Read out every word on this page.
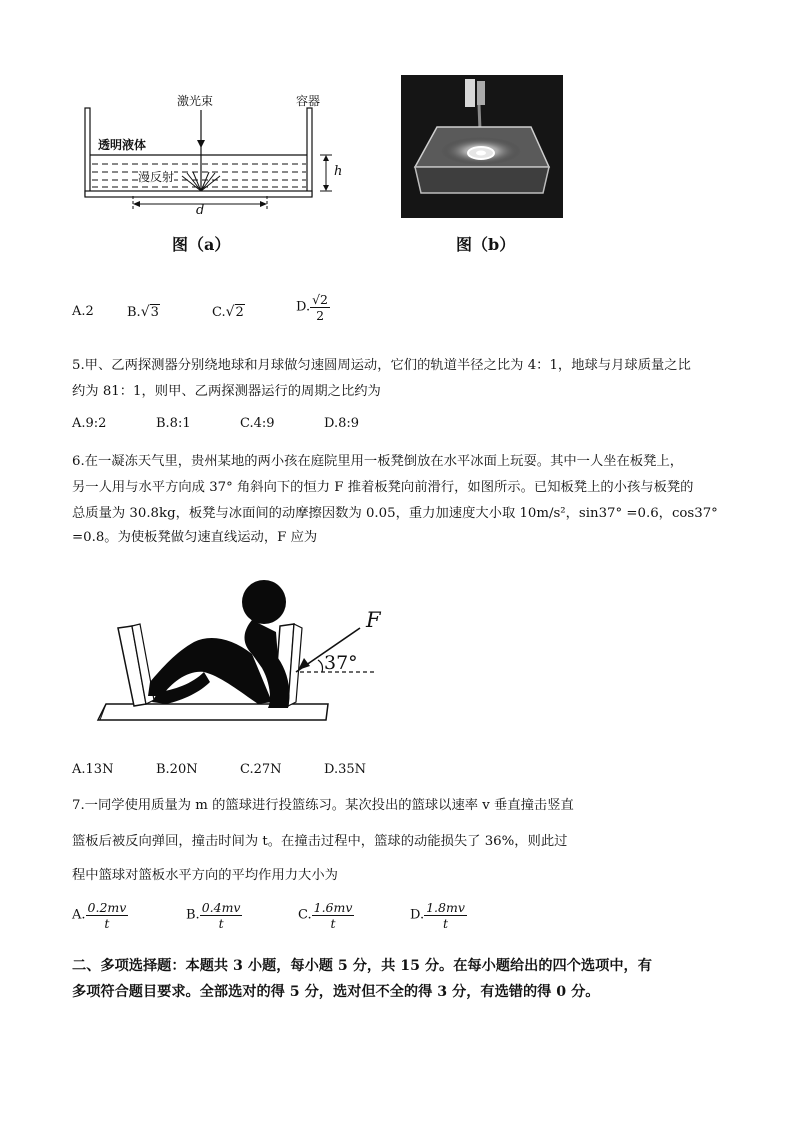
激光束	容器
透明液体
漫反射	h
d
图（a）	图（b）
A.2	B.√3	C.√2	D. $\frac{√2}{2}$
5.甲、乙两探测器分别绕地球和月球做匀速圆周运动，它们的轨道半径之比为 4：1，地球与月球质量之比
约为 81：1，则甲、乙两探测器运行的周期之比约为
A.9:2	B.8:1	C.4:9	D.8:9
6.在一凝冻天气里，贵州某地的两小孩在庭院里用一板凳倒放在水平冰面上玩耍。其中一人坐在板凳上，
另一人用与水平方向成 37° 角斜向下的恒力 F 推着板凳向前滑行，如图所示。已知板凳上的小孩与板凳的
总质量为 30.8kg，板凳与冰面间的动摩擦因数为 0.05，重力加速度大小取 10m/s²，sin37° =0.6，cos37°
=0.8。为使板凳做匀速直线运动，F 应为
F
37°
A.13N	B.20N	C.27N	D.35N
7.一同学使用质量为 m 的篮球进行投篮练习。某次投出的篮球以速率 v 垂直撞击竖直
篮板后被反向弹回，撞击时间为 t。在撞击过程中，篮球的动能损失了 36%，则此过
程中篮球对篮板水平方向的平均作用力大小为
A. $\frac{0.2mv}{t}$	B. $\frac{0.4mv}{t}$	C. $\frac{1.6mv}{t}$	D. $\frac{1.8mv}{t}$
二、多项选择题：本题共 3 小题，每小题 5 分，共 15 分。在每小题给出的四个选项中，有
多项符合题目要求。全部选对的得 5 分，选对但不全的得 3 分，有选错的得 0 分。
